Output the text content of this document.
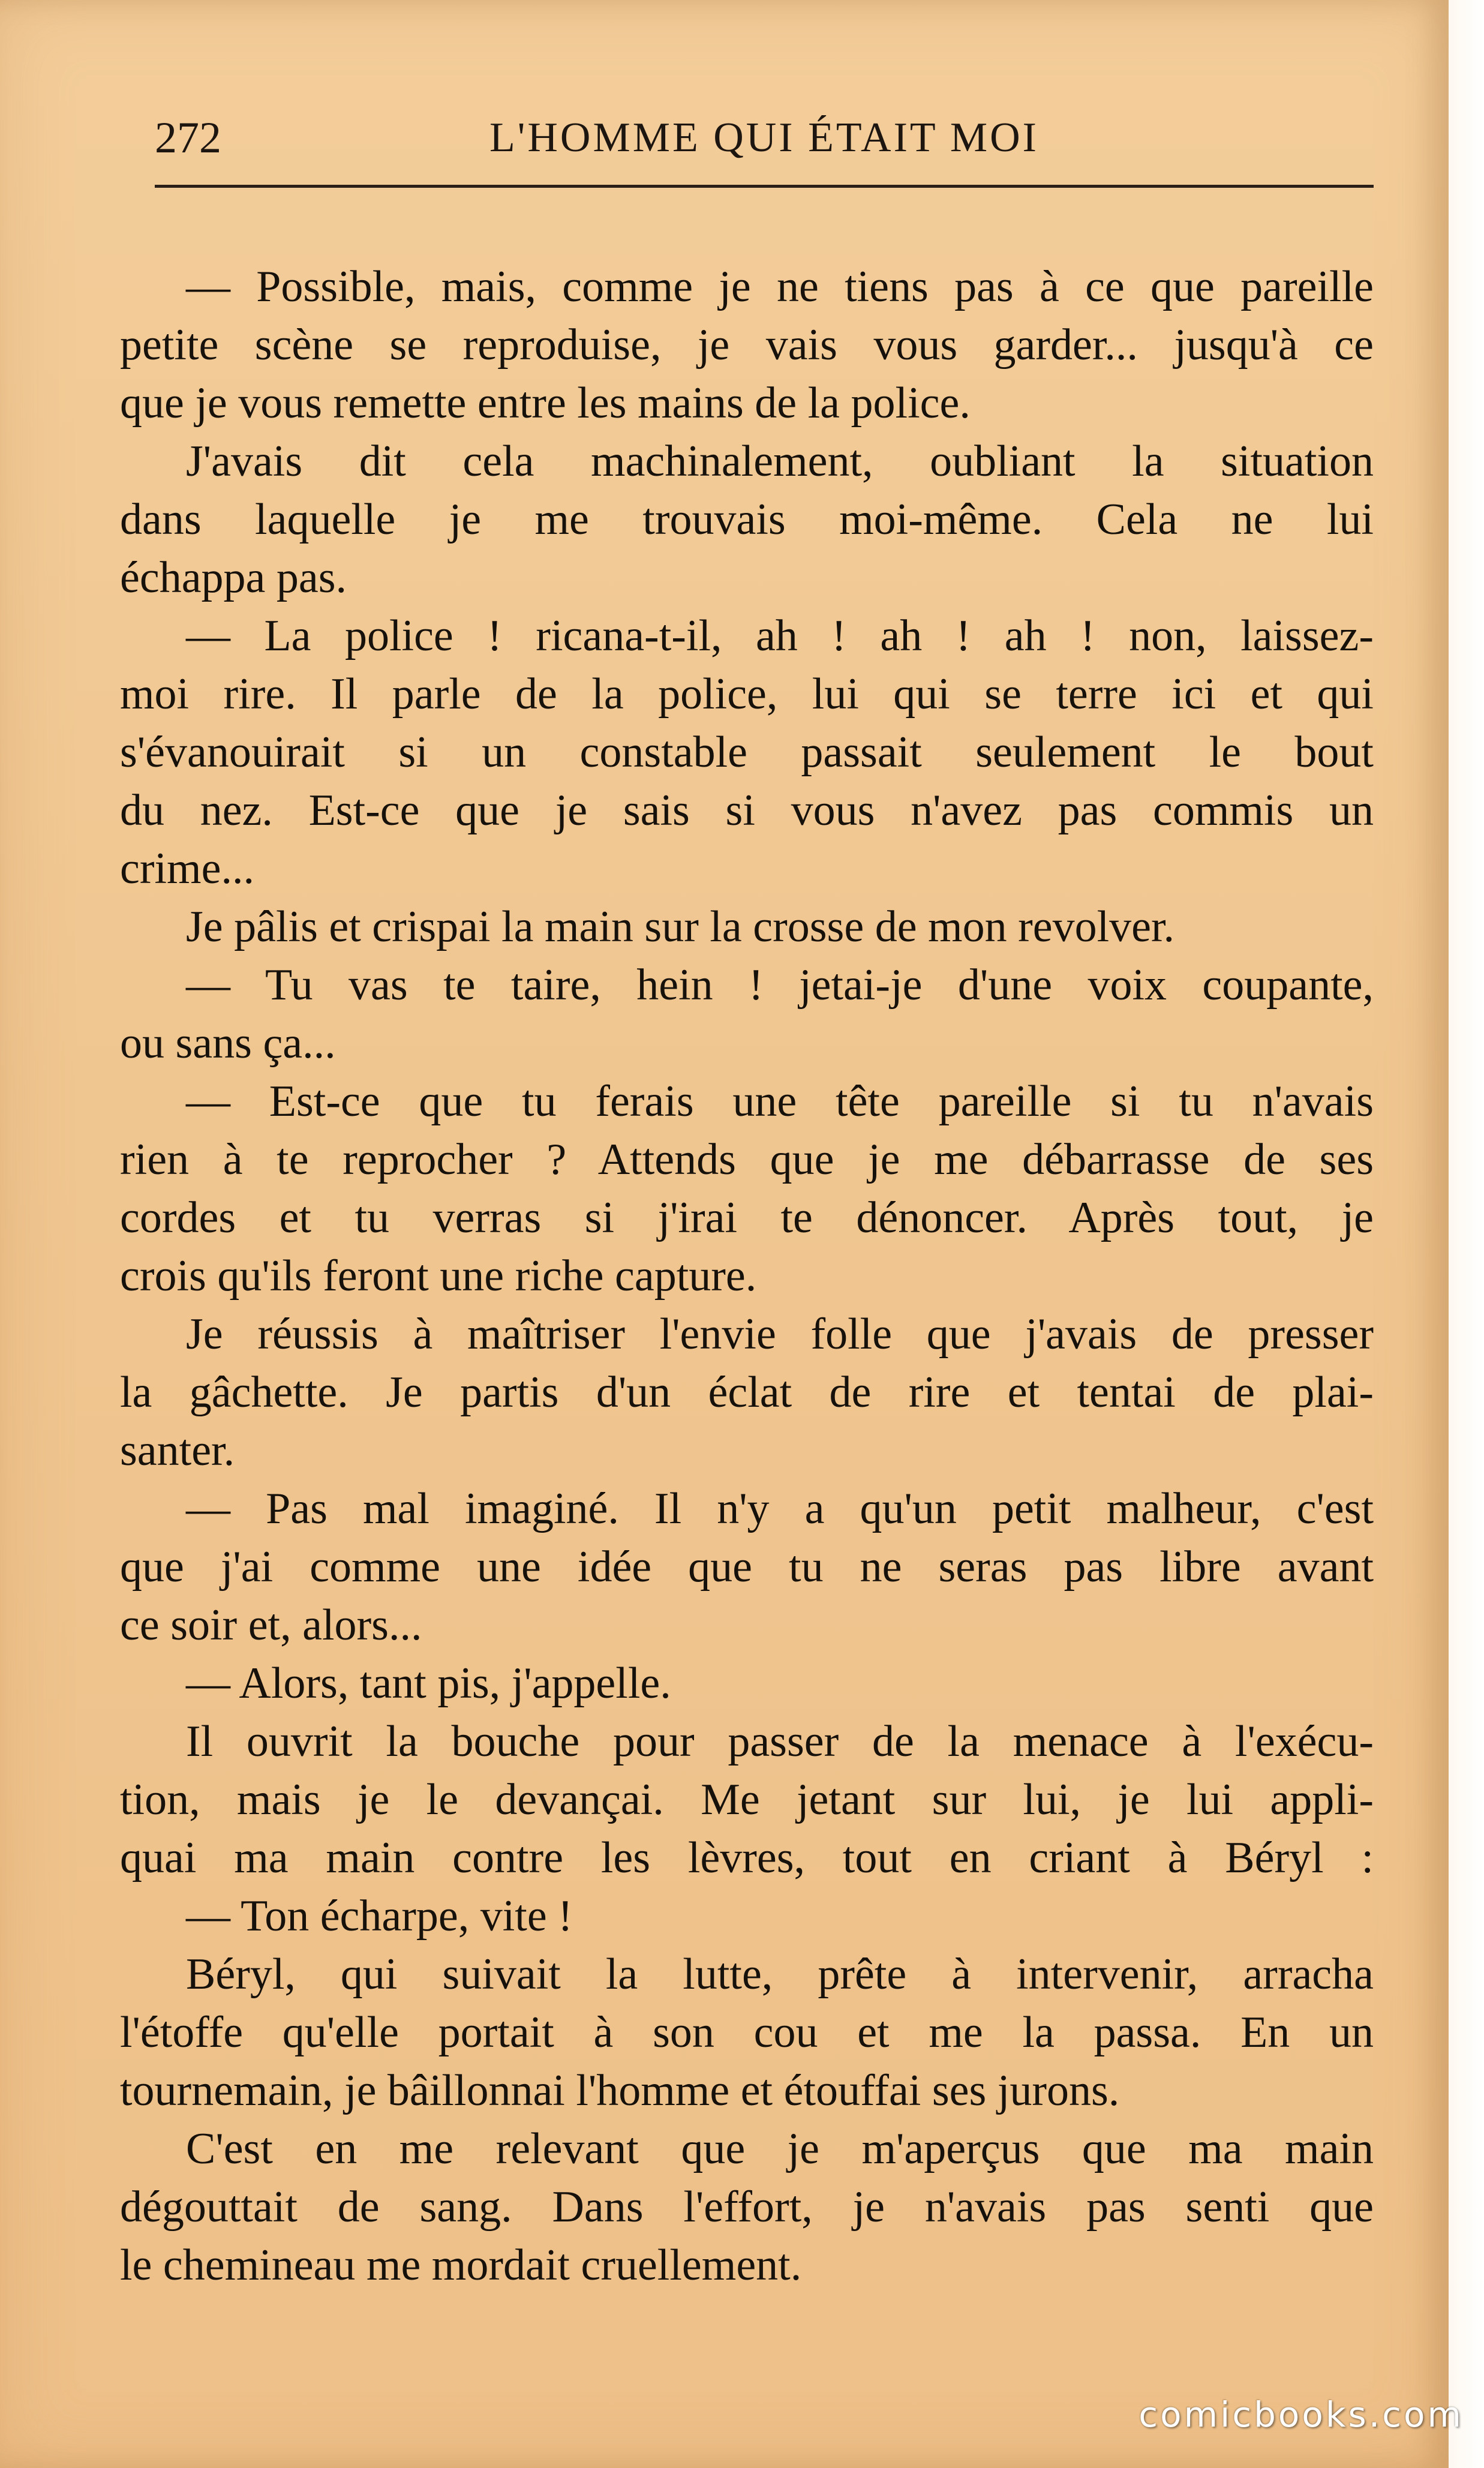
272	L'HOMME QUI ÉTAIT MOI
— Possible, mais, comme je ne tiens pas à ce que pareille
petite scène se reproduise, je vais vous garder... jusqu'à ce
que je vous remette entre les mains de la police.
J'avais dit cela machinalement, oubliant la situation
dans laquelle je me trouvais moi-même. Cela ne lui
échappa pas.
— La police ! ricana-t-il, ah ! ah ! ah ! non, laissez-
moi rire. Il parle de la police, lui qui se terre ici et qui
s'évanouirait si un constable passait seulement le bout
du nez. Est-ce que je sais si vous n'avez pas commis un
crime...
Je pâlis et crispai la main sur la crosse de mon revolver.
— Tu vas te taire, hein ! jetai-je d'une voix coupante,
ou sans ça...
— Est-ce que tu ferais une tête pareille si tu n'avais
rien à te reprocher ? Attends que je me débarrasse de ses
cordes et tu verras si j'irai te dénoncer. Après tout, je
crois qu'ils feront une riche capture.
Je réussis à maîtriser l'envie folle que j'avais de presser
la gâchette. Je partis d'un éclat de rire et tentai de plai-
santer.
— Pas mal imaginé. Il n'y a qu'un petit malheur, c'est
que j'ai comme une idée que tu ne seras pas libre avant
ce soir et, alors...
— Alors, tant pis, j'appelle.
Il ouvrit la bouche pour passer de la menace à l'exécu-
tion, mais je le devançai. Me jetant sur lui, je lui appli-
quai ma main contre les lèvres, tout en criant à Béryl :
— Ton écharpe, vite !
Béryl, qui suivait la lutte, prête à intervenir, arracha
l'étoffe qu'elle portait à son cou et me la passa. En un
tournemain, je bâillonnai l'homme et étouffai ses jurons.
C'est en me relevant que je m'aperçus que ma main
dégouttait de sang. Dans l'effort, je n'avais pas senti que
le chemineau me mordait cruellement.
comicbooks.com
